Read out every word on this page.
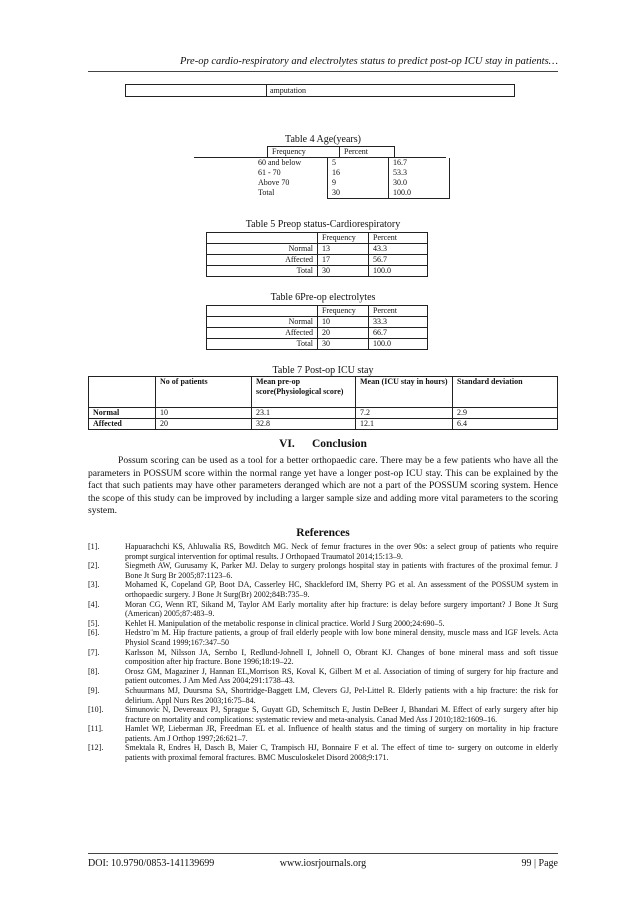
Pre-op cardio-respiratory and electrolytes status to predict post-op ICU stay in patients…
amputation
Table 4 Age(years)
	Frequency	Percent
60 and below	5	16.7
61 - 70	16	53.3
Above 70	9	30.0
Total	30	100.0
Table 5 Preop status-Cardiorespiratory
	Frequency	Percent
Normal	13	43.3
Affected	17	56.7
Total	30	100.0
Table 6Pre-op electrolytes
	Frequency	Percent
Normal	10	33.3
Affected	20	66.7
Total	30	100.0
Table 7 Post-op ICU stay
	No of patients	Mean pre-op score(Physiological score)	Mean (ICU stay in hours)	Standard deviation
Normal	10	23.1	7.2	2.9
Affected	20	32.8	12.1	6.4
VI.      Conclusion
Possum scoring can be used as a tool for a better orthopaedic care. There may be a few patients who have all the parameters in POSSUM score within the normal range yet have a longer post-op ICU stay. This can be explained by the fact that such patients may have other parameters deranged which are not a part of the POSSUM scoring system. Hence the scope of this study can be improved by including a larger sample size and adding more vital parameters to the scoring system.
References
[1].	Hapuarachchi KS, Ahluwalia RS, Bowditch MG. Neck of femur fractures in the over 90s: a select group of patients who require prompt surgical intervention for optimal results. J Orthopaed Traumatol 2014;15:13–9.
[2].	Siegmeth AW, Gurusamy K, Parker MJ. Delay to surgery prolongs hospital stay in patients with fractures of the proximal femur. J Bone Jt Surg Br 2005;87:1123–6.
[3].	Mohamed K, Copeland GP, Boot DA, Casserley HC, Shackleford IM, Sherry PG et al. An assessment of the POSSUM system in orthopaedic surgery. J Bone Jt Surg(Br) 2002;84B:735–9.
[4].	Moran CG, Wenn RT, Sikand M, Taylor AM Early mortality after hip fracture: is delay before surgery important? J Bone Jt Surg (American) 2005;87:483–9.
[5].	Kehlet H. Manipulation of the metabolic response in clinical practice. World J Surg 2000;24:690–5.
[6].	Hedstro¨m M. Hip fracture patients, a group of frail elderly people with low bone mineral density, muscle mass and IGF levels. Acta Physiol Scand 1999;167:347–50
[7].	Karlsson M, Nilsson JA, Sernbo I, Redlund-Johnell I, Johnell O, Obrant KJ. Changes of bone mineral mass and soft tissue composition after hip fracture. Bone 1996;18:19–22.
[8].	Orosz GM, Magaziner J, Hannan EL,Morrison RS, Koval K, Gilbert M et al. Association of timing of surgery for hip fracture and patient outcomes. J Am Med Ass 2004;291:1738–43.
[9].	Schuurmans MJ, Duursma SA, Shortridge-Baggett LM, Clevers GJ, Pel-Littel R. Elderly patients with a hip fracture: the risk for delirium. Appl Nurs Res 2003;16:75–84.
[10].	Simunovic N, Devereaux PJ, Sprague S, Guyatt GD, Schemitsch E, Justin DeBeer J, Bhandari M. Effect of early surgery after hip fracture on mortality and complications: systematic review and meta-analysis. Canad Med Ass J 2010;182:1609–16.
[11].	Hamlet WP, Lieberman JR, Freedman EL et al. Influence of health status and the timing of surgery on mortality in hip fracture patients. Am J Orthop 1997;26:621–7.
[12].	Smektala R, Endres H, Dasch B, Maier C, Trampisch HJ, Bonnaire F et al. The effect of time to- surgery on outcome in elderly patients with proximal femoral fractures. BMC Musculoskelet Disord 2008;9:171.
DOI: 10.9790/0853-141139699	www.iosrjournals.org	99 | Page
